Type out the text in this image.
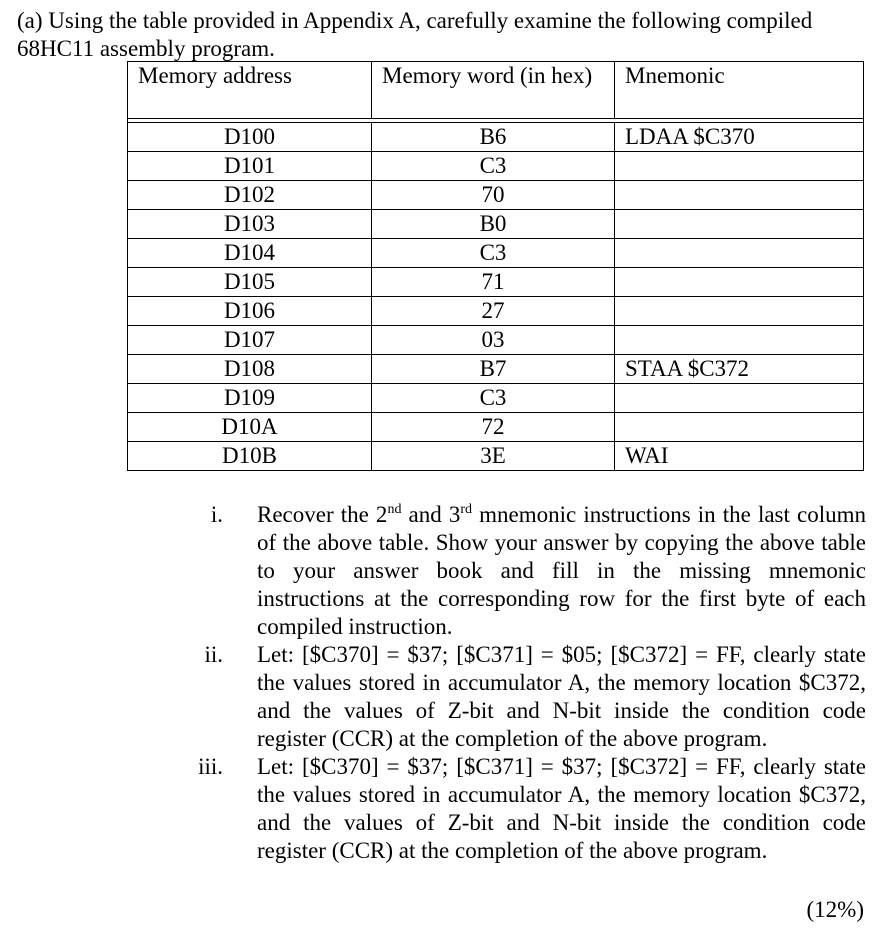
(a) Using the table provided in Appendix A, carefully examine the following compiled

68HC11 assembly program.

Memory address	Memory word (in hex)	Mnemonic

D100	B6	LDAA $C370
D101	C3	
D102	70	
D103	B0	
D104	C3	
D105	71	
D106	27	
D107	03	
D108	B7	STAA $C372
D109	C3	
D10A	72	
D10B	3E	WAI
i. Recover the 2nd and 3rd mnemonic instructions in the last column of the above table. Show your answer by copying the above table to your answer book and fill in the missing mnemonic instructions at the corresponding row for the first byte of each compiled instruction.
ii. Let: [$C370] = $37; [$C371] = $05; [$C372] = FF, clearly state the values stored in accumulator A, the memory location $C372, and the values of Z-bit and N-bit inside the condition code register (CCR) at the completion of the above program.
iii. Let: [$C370] = $37; [$C371] = $37; [$C372] = FF, clearly state the values stored in accumulator A, the memory location $C372, and the values of Z-bit and N-bit inside the condition code register (CCR) at the completion of the above program.
(12%)
